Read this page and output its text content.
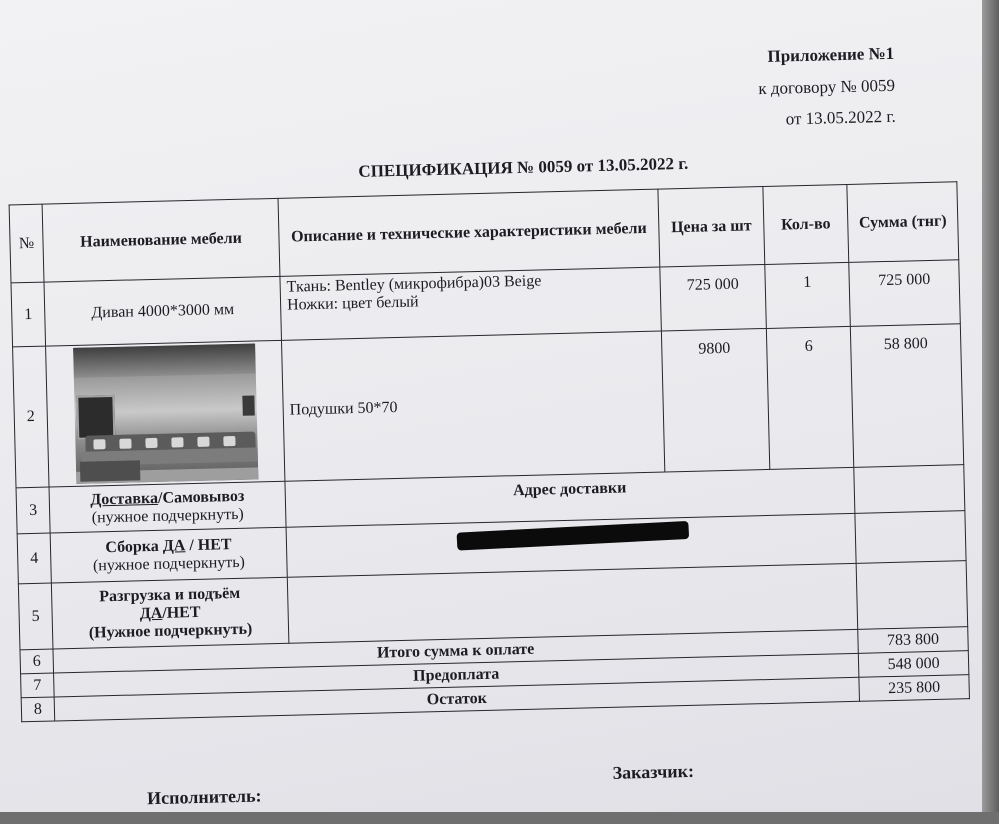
Приложение №1
к договору № 0059
от 13.05.2022 г.
СПЕЦИФИКАЦИЯ № 0059 от 13.05.2022 г.
№	Наименование мебели	Описание и технические характеристики мебели	Цена за шт	Кол-во	Сумма (тнг)
1	Диван 4000*3000 мм	Ткань: Bentley (микрофибра)03 Beige
Ножки: цвет белый	725 000	1	725 000
2		Подушки 50*70	9800	6	58 800
3	Доставка/Самовывоз
(нужное подчеркнуть)	Адрес доставки			
4	Сборка ДА / НЕТ
(нужное подчеркнуть)				

5	Разгрузка и подъём
ДА/НЕТ
(Нужное подчеркнуть)				

6	Итого сумма к оплате				783 800
7	Предоплата				548 000
8	Остаток				235 800
Исполнитель:
Заказчик:
